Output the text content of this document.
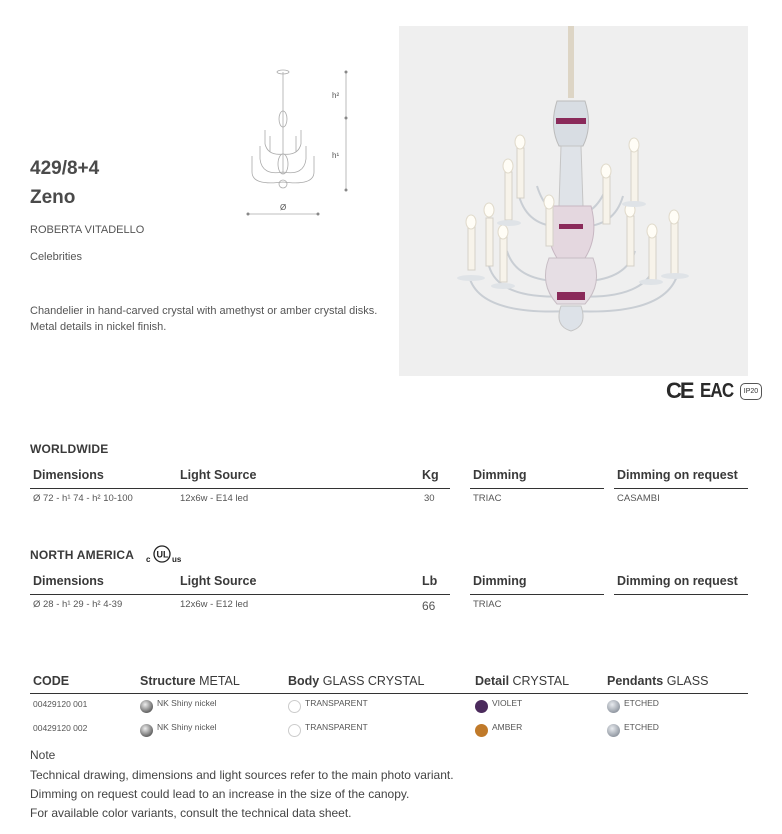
429/8+4
Zeno
ROBERTA VITADELLO
Celebrities
Chandelier in hand-carved crystal with amethyst or amber crystal disks.
Metal details in nickel finish.
h²
h¹
Ø
CE EAC	IP20
WORLDWIDE
Dimensions	Light Source	Kg	Dimming	Dimming on request
Ø 72 - h¹ 74 - h² 10-100	12x6w - E14 led	30	TRIAC	CASAMBI
NORTH AMERICA c UL us
Dimensions	Light Source	Lb	Dimming	Dimming on request
Ø 28 - h¹ 29 - h² 4-39	12x6w - E12 led	66	TRIAC
CODE	Structure METAL	Body GLASS CRYSTAL	Detail CRYSTAL	Pendants GLASS
00429120 001	NK Shiny nickel	TRANSPARENT	VIOLET	ETCHED
00429120 002	NK Shiny nickel	TRANSPARENT	AMBER	ETCHED
Note
Technical drawing, dimensions and light sources refer to the main photo variant.
Dimming on request could lead to an increase in the size of the canopy.
For available color variants, consult the technical data sheet.
